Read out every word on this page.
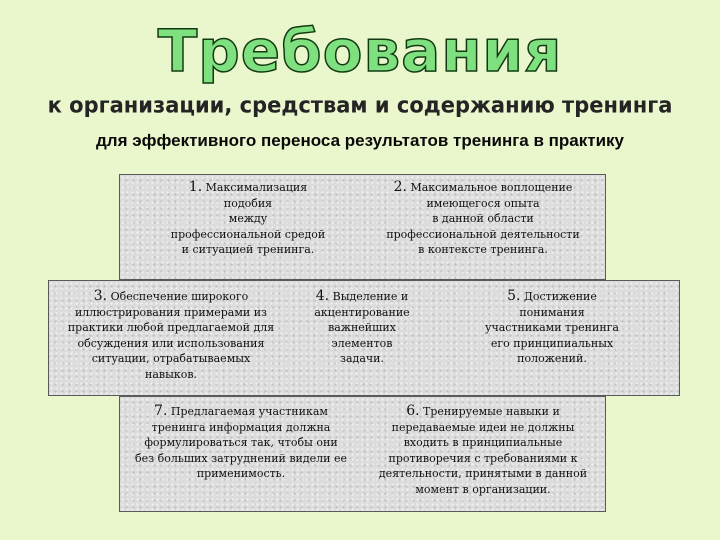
Требования
к организации, средствам и содержанию тренинга
для эффективного переноса результатов тренинга в практику
1. Максимализация
подобия
между
профессиональной средой
и ситуацией тренинга.
2. Максимальное воплощение
имеющегося опыта
в данной области
профессиональной деятельности
в контексте тренинга.
3. Обеспечение широкого
иллюстрирования примерами из
практики любой предлагаемой для
обсуждения или использования
ситуации, отрабатываемых
навыков.
4. Выделение и
акцентирование
важнейших
элементов
задачи.
5. Достижение
понимания
участниками тренинга
его принципиальных
положений.
7. Предлагаемая участникам
тренинга информация должна
формулироваться так, чтобы они
без больших затруднений видели ее
применимость.
6. Тренируемые навыки и
передаваемые идеи не должны
входить в принципиальные
противоречия с требованиями к
деятельности, принятыми в данной
момент в организации.
